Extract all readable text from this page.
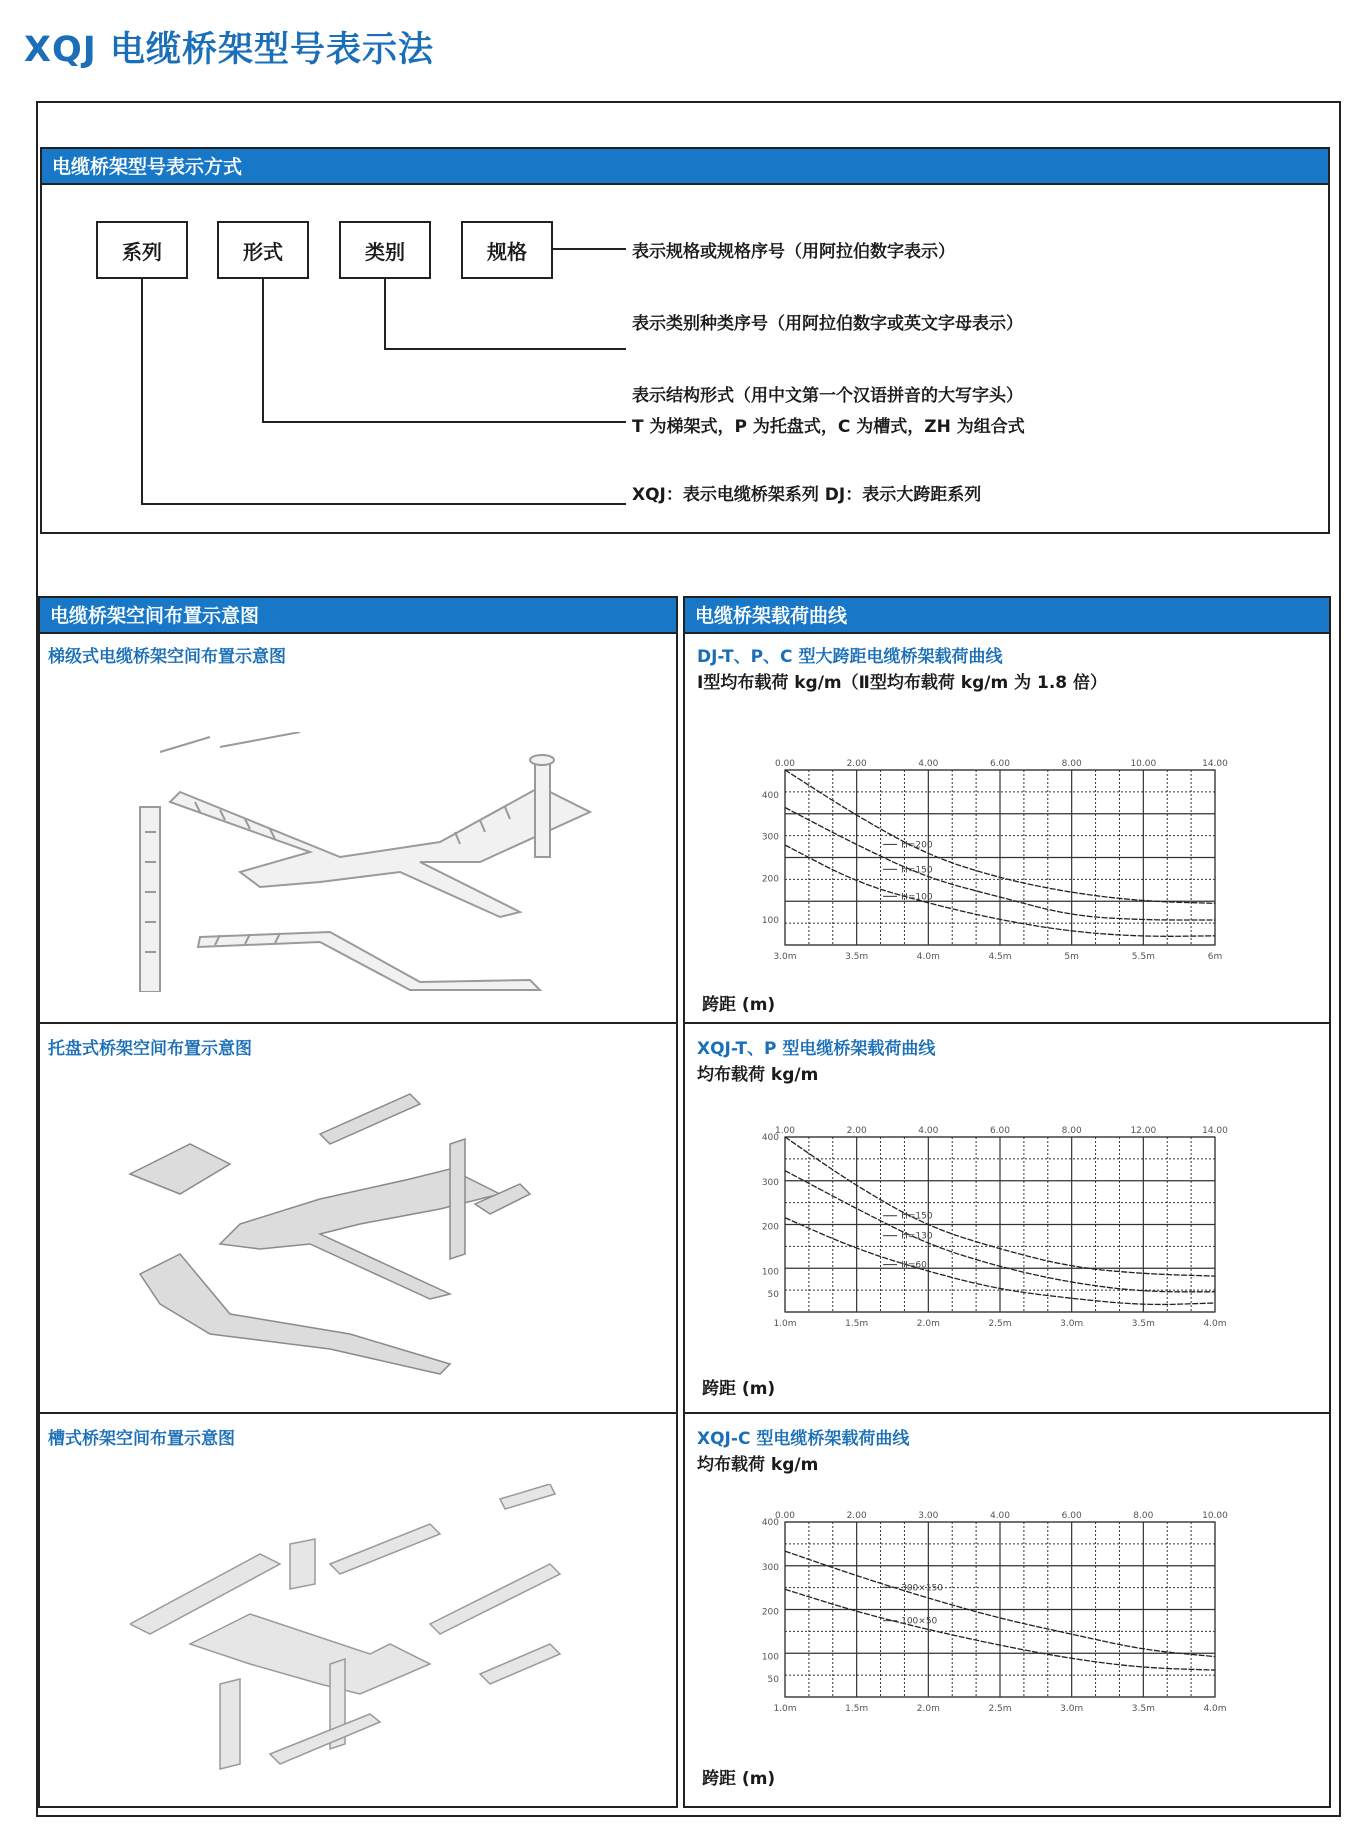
XQJ 电缆桥架型号表示法
电缆桥架型号表示方式
系列	形式	类别	规格	表示规格或规格序号（用阿拉伯数字表示）
表示类别种类序号（用阿拉伯数字或英文字母表示）
表示结构形式（用中文第一个汉语拼音的大写字头）
T 为梯架式，P 为托盘式，C 为槽式，ZH 为组合式
XQJ：表示电缆桥架系列 DJ：表示大跨距系列
电缆桥架空间布置示意图
梯级式电缆桥架空间布置示意图
托盘式桥架空间布置示意图
槽式桥架空间布置示意图
电缆桥架载荷曲线
DJ-T、P、C 型大跨距电缆桥架载荷曲线
Ⅰ型均布载荷 kg/m（Ⅱ型均布载荷 kg/m 为 1.8 倍）
100
200
300
400
3.0m	3.5m	4.0m	4.5m	5m	5.5m	6m
0.00	2.00	4.00	6.00	8.00	10.00	14.00
H=200
H=150
H=100
跨距 (m)
XQJ-T、P 型电缆桥架载荷曲线
均布载荷 kg/m
50
100
200
300
400
1.0m	1.5m	2.0m	2.5m	3.0m	3.5m	4.0m
1.00	2.00	4.00	6.00	8.00	12.00	14.00
H=150
H=130
H=60
跨距 (m)
XQJ-C 型电缆桥架载荷曲线
均布载荷 kg/m
50
100
200
300
400
1.0m	1.5m	2.0m	2.5m	3.0m	3.5m	4.0m
0.00	2.00	3.00	4.00	6.00	8.00	10.00
300×150
100×50
跨距 (m)
